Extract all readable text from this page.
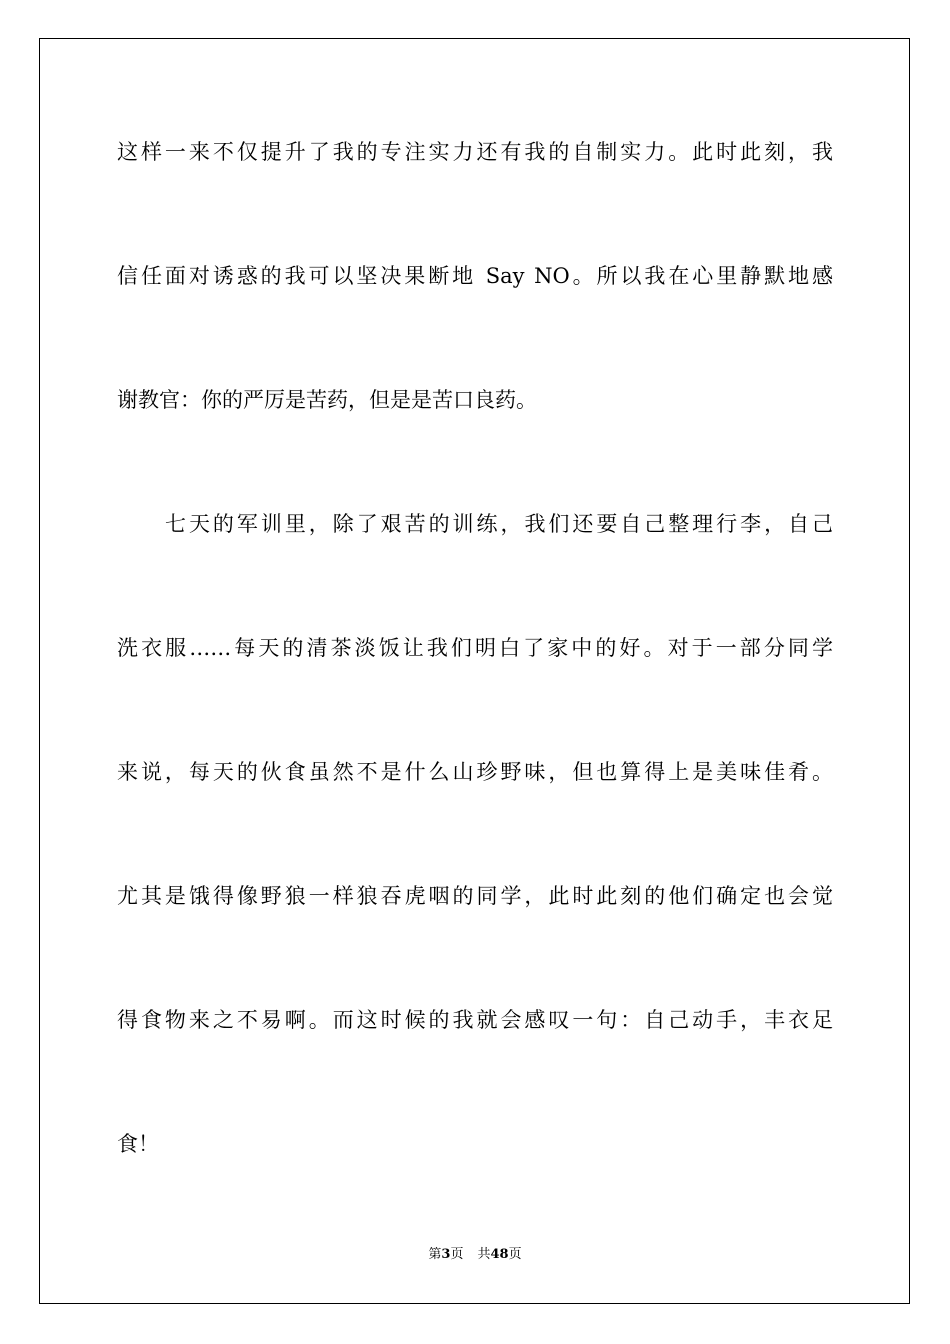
这样一来不仅提升了我的专注实力还有我的自制实力。此时此刻，我
信任面对诱惑的我可以坚决果断地 Say NO。所以我在心里静默地感
谢教官：你的严厉是苦药，但是是苦口良药。
七天的军训里，除了艰苦的训练，我们还要自己整理行李，自己
洗衣服……每天的清茶淡饭让我们明白了家中的好。对于一部分同学
来说，每天的伙食虽然不是什么山珍野味，但也算得上是美味佳肴。
尤其是饿得像野狼一样狼吞虎咽的同学，此时此刻的他们确定也会觉
得食物来之不易啊。而这时候的我就会感叹一句：自己动手，丰衣足
食！
第3页 共48页
